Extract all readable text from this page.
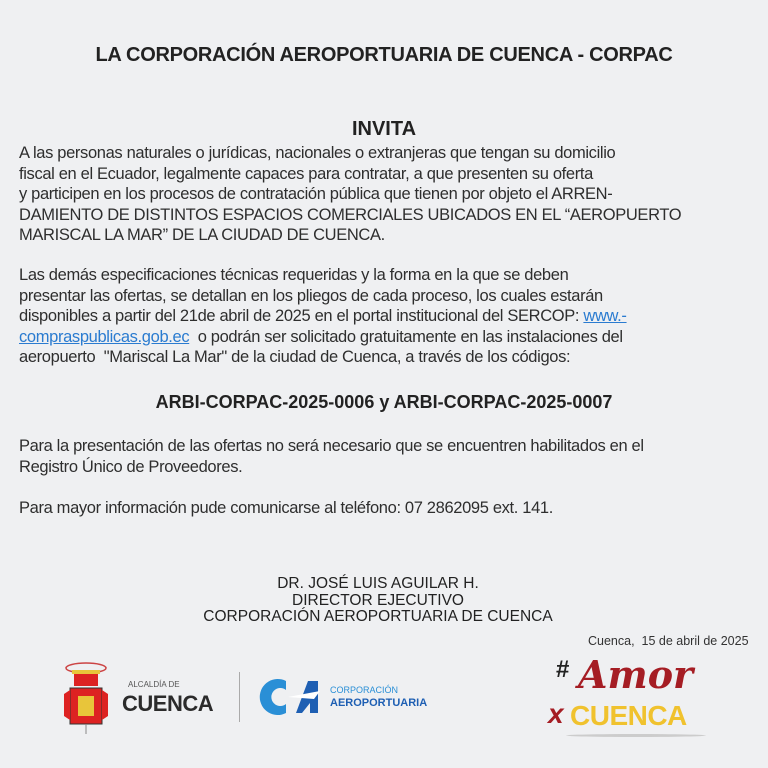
LA CORPORACIÓN AEROPORTUARIA DE CUENCA - CORPAC
INVITA
A las personas naturales o jurídicas, nacionales o extranjeras que tengan su domicilio
fiscal en el Ecuador, legalmente capaces para contratar, a que presenten su oferta
y participen en los procesos de contratación pública que tienen por objeto el ARREN-
DAMIENTO DE DISTINTOS ESPACIOS COMERCIALES UBICADOS EN EL “AEROPUERTO
MARISCAL LA MAR” DE LA CIUDAD DE CUENCA.
Las demás especificaciones técnicas requeridas y la forma en la que se deben
presentar las ofertas, se detallan en los pliegos de cada proceso, los cuales estarán
disponibles a partir del 21de abril de 2025 en el portal institucional del SERCOP: www.-
compraspublicas.gob.ec  o podrán ser solicitado gratuitamente en las instalaciones del
aeropuerto  "Mariscal La Mar" de la ciudad de Cuenca, a través de los códigos:
ARBI-CORPAC-2025-0006 y ARBI-CORPAC-2025-0007
Para la presentación de las ofertas no será necesario que se encuentren habilitados en el
Registro Único de Proveedores.
Para mayor información pude comunicarse al teléfono: 07 2862095 ext. 141.
DR. JOSÉ LUIS AGUILAR H.
DIRECTOR EJECUTIVO
CORPORACIÓN AEROPORTUARIA DE CUENCA
Cuenca,  15 de abril de 2025
ALCALDÍA DE
CUENCA
CORPORACIÓN
AEROPORTUARIA
# Amor
x CUENCA
